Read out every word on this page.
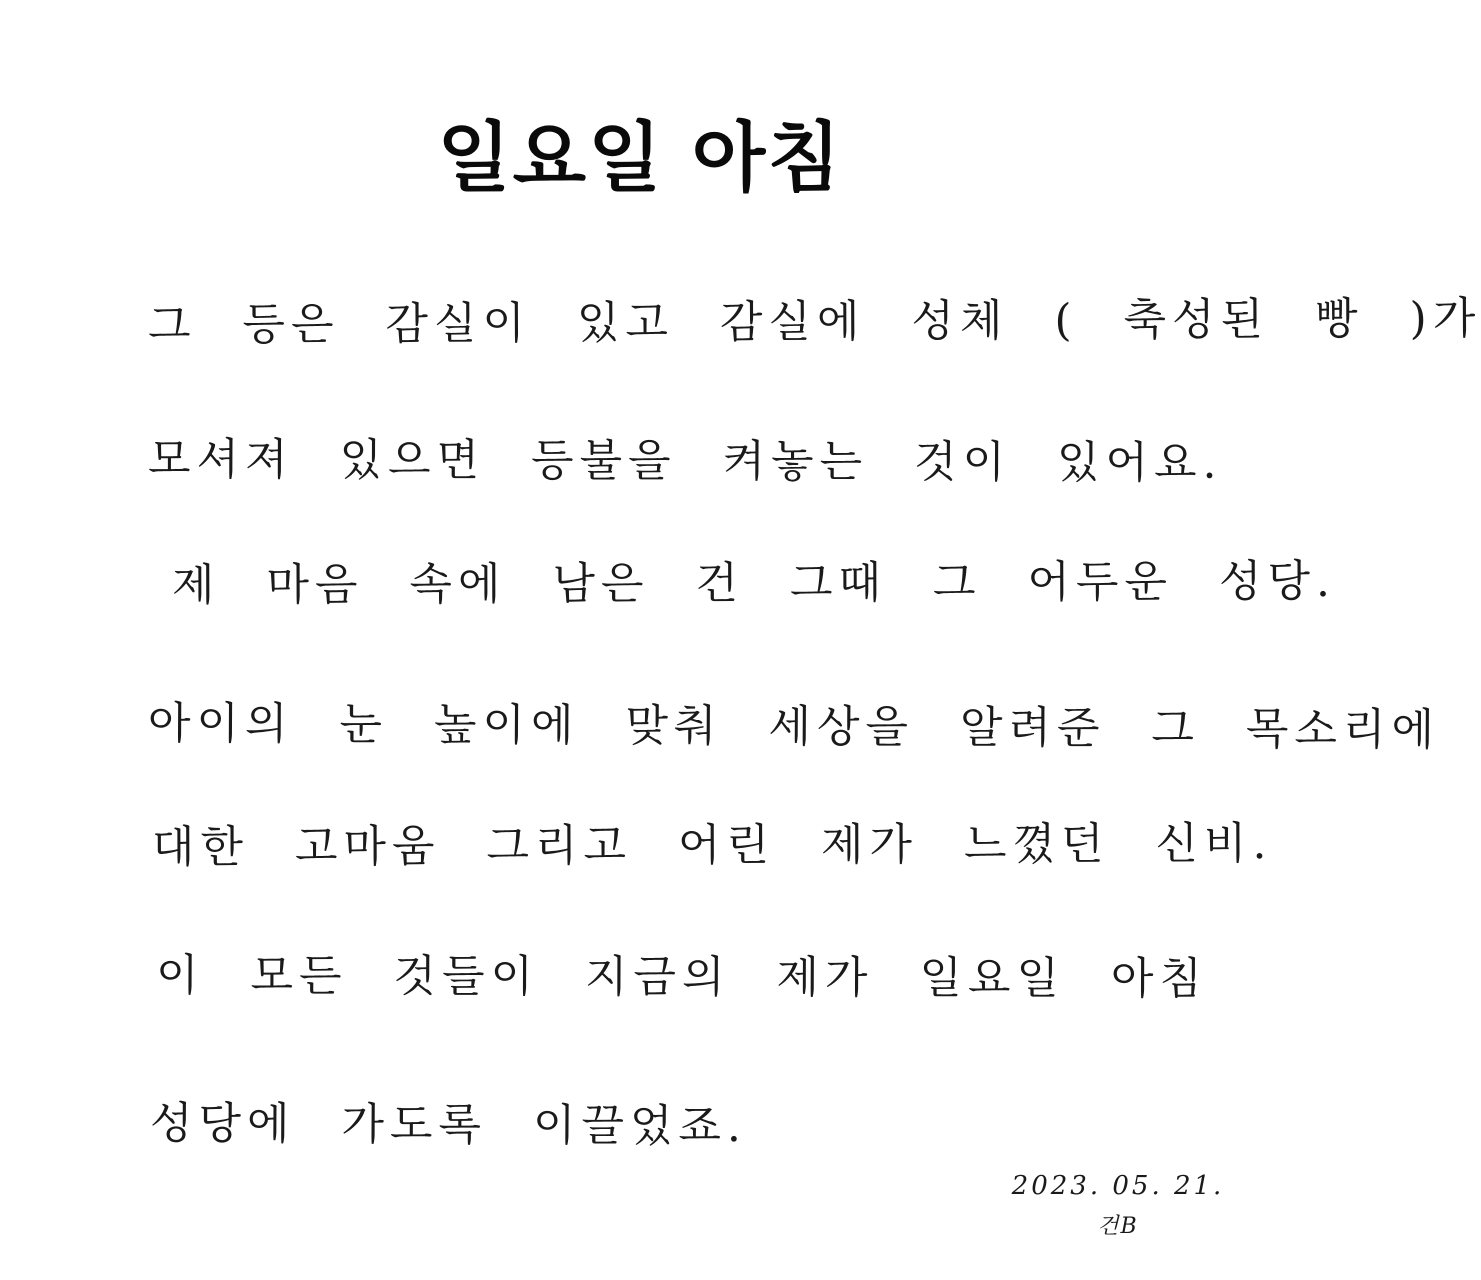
일요일 아침
그 등은 감실이 있고 감실에 성체 ( 축성된 빵 )가
모셔져 있으면 등불을 켜놓는 것이 있어요.
제 마음 속에 남은 건 그때 그 어두운 성당.
아이의 눈 높이에 맞춰 세상을 알려준 그 목소리에
대한 고마움 그리고 어린 제가 느꼈던 신비.
이 모든 것들이 지금의 제가 일요일 아침
성당에 가도록 이끌었죠.
2023. 05. 21.
건B
